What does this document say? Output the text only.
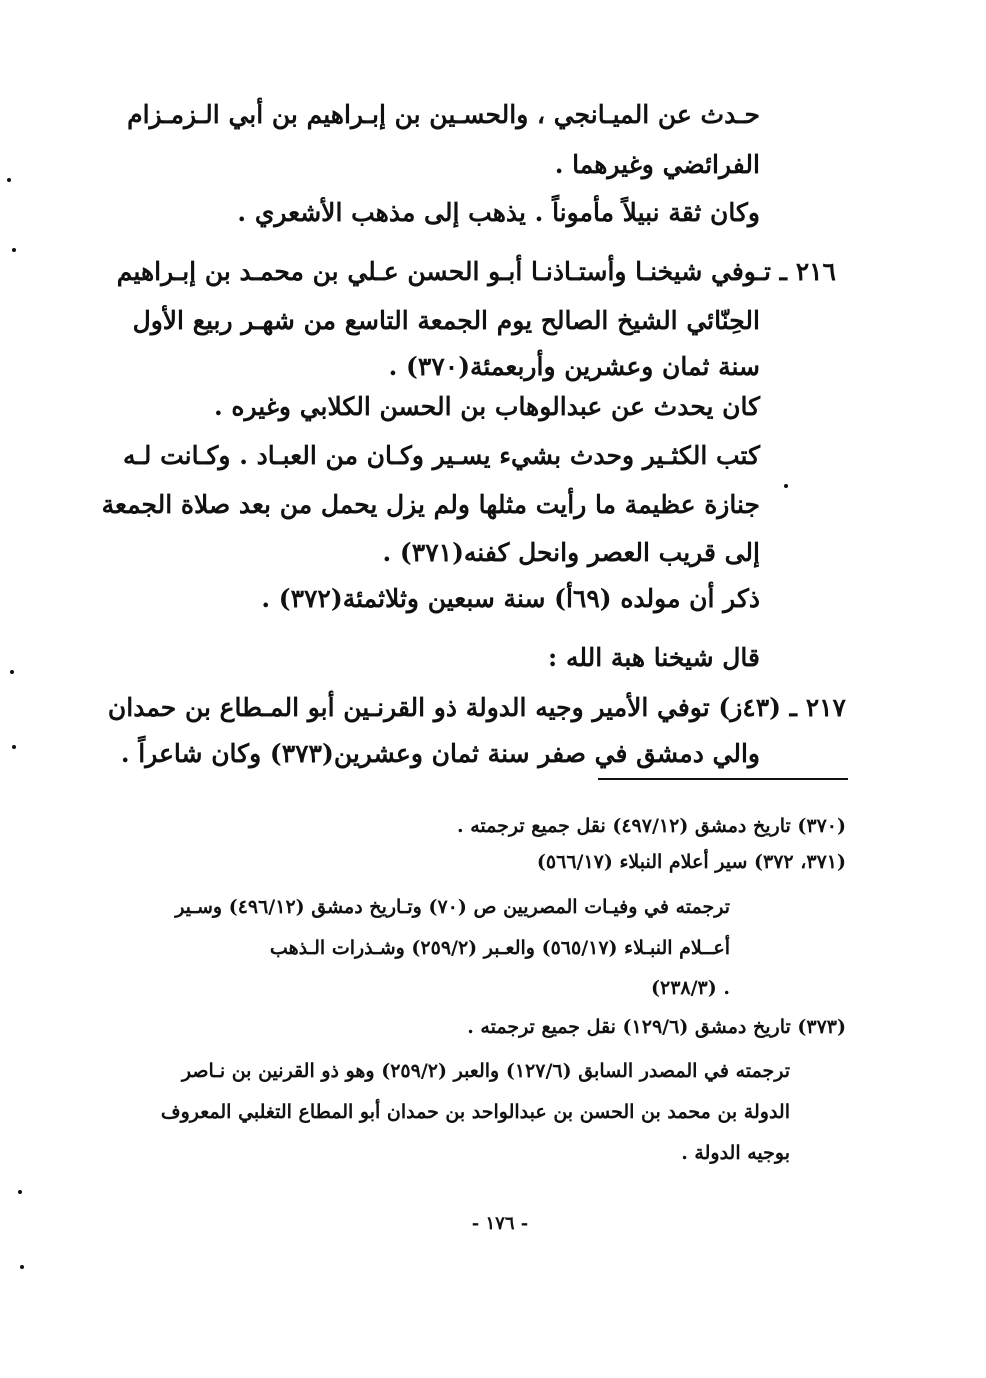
حـدث عن الميـانجي ، والحسـين بن إبـراهيم بن أبي الـزمـزام
الفرائضي وغيرهما .
وكان ثقة نبيلاً مأموناً . يذهب إلى مذهب الأشعري .
٢١٦ ـ تـوفي شيخنـا وأستـاذنـا أبـو الحسن عـلي بن محمـد بن إبـراهيم
الحِنّائي الشيخ الصالح يوم الجمعة التاسع من شهـر ربيع الأول
سنة ثمان وعشرين وأربعمئة(٣٧٠) .
كان يحدث عن عبدالوهاب بن الحسن الكلابي وغيره .
كتب الكثـير وحدث بشيء يسـير وكـان من العبـاد . وكـانت لـه
جنازة عظيمة ما رأيت مثلها ولم يزل يحمل من بعد صلاة الجمعة
إلى قريب العصر وانحل كفنه(٣٧١) .
ذكر أن مولده (٦٩أ) سنة سبعين وثلاثمئة(٣٧٢) .
قال شيخنا هبة الله :
٢١٧ ـ (٤٣ز) توفي الأمير وجيه الدولة ذو القرنـين أبو المـطاع بن حمدان
والي دمشق في صفر سنة ثمان وعشرين(٣٧٣) وكان شاعراً .
(٣٧٠) تاريخ دمشق (٤٩٧/١٢) نقل جميع ترجمته .
(٣٧١، ٣٧٢) سير أعلام النبلاء (٥٦٦/١٧)
ترجمته في وفيـات المصريين ص (٧٠) وتـاريخ دمشق (٤٩٦/١٢) وسـير
أعــلام النبـلاء (٥٦٥/١٧) والعـبر (٢٥٩/٢) وشـذرات الـذهب
(٢٣٨/٣) .
(٣٧٣) تاريخ دمشق (١٢٩/٦) نقل جميع ترجمته .
ترجمته في المصدر السابق (١٢٧/٦) والعبر (٢٥٩/٢) وهو ذو القرنين بن نـاصر
الدولة بن محمد بن الحسن بن عبدالواحد بن حمدان أبو المطاع التغلبي المعروف
بوجيه الدولة .
- ١٧٦ -
